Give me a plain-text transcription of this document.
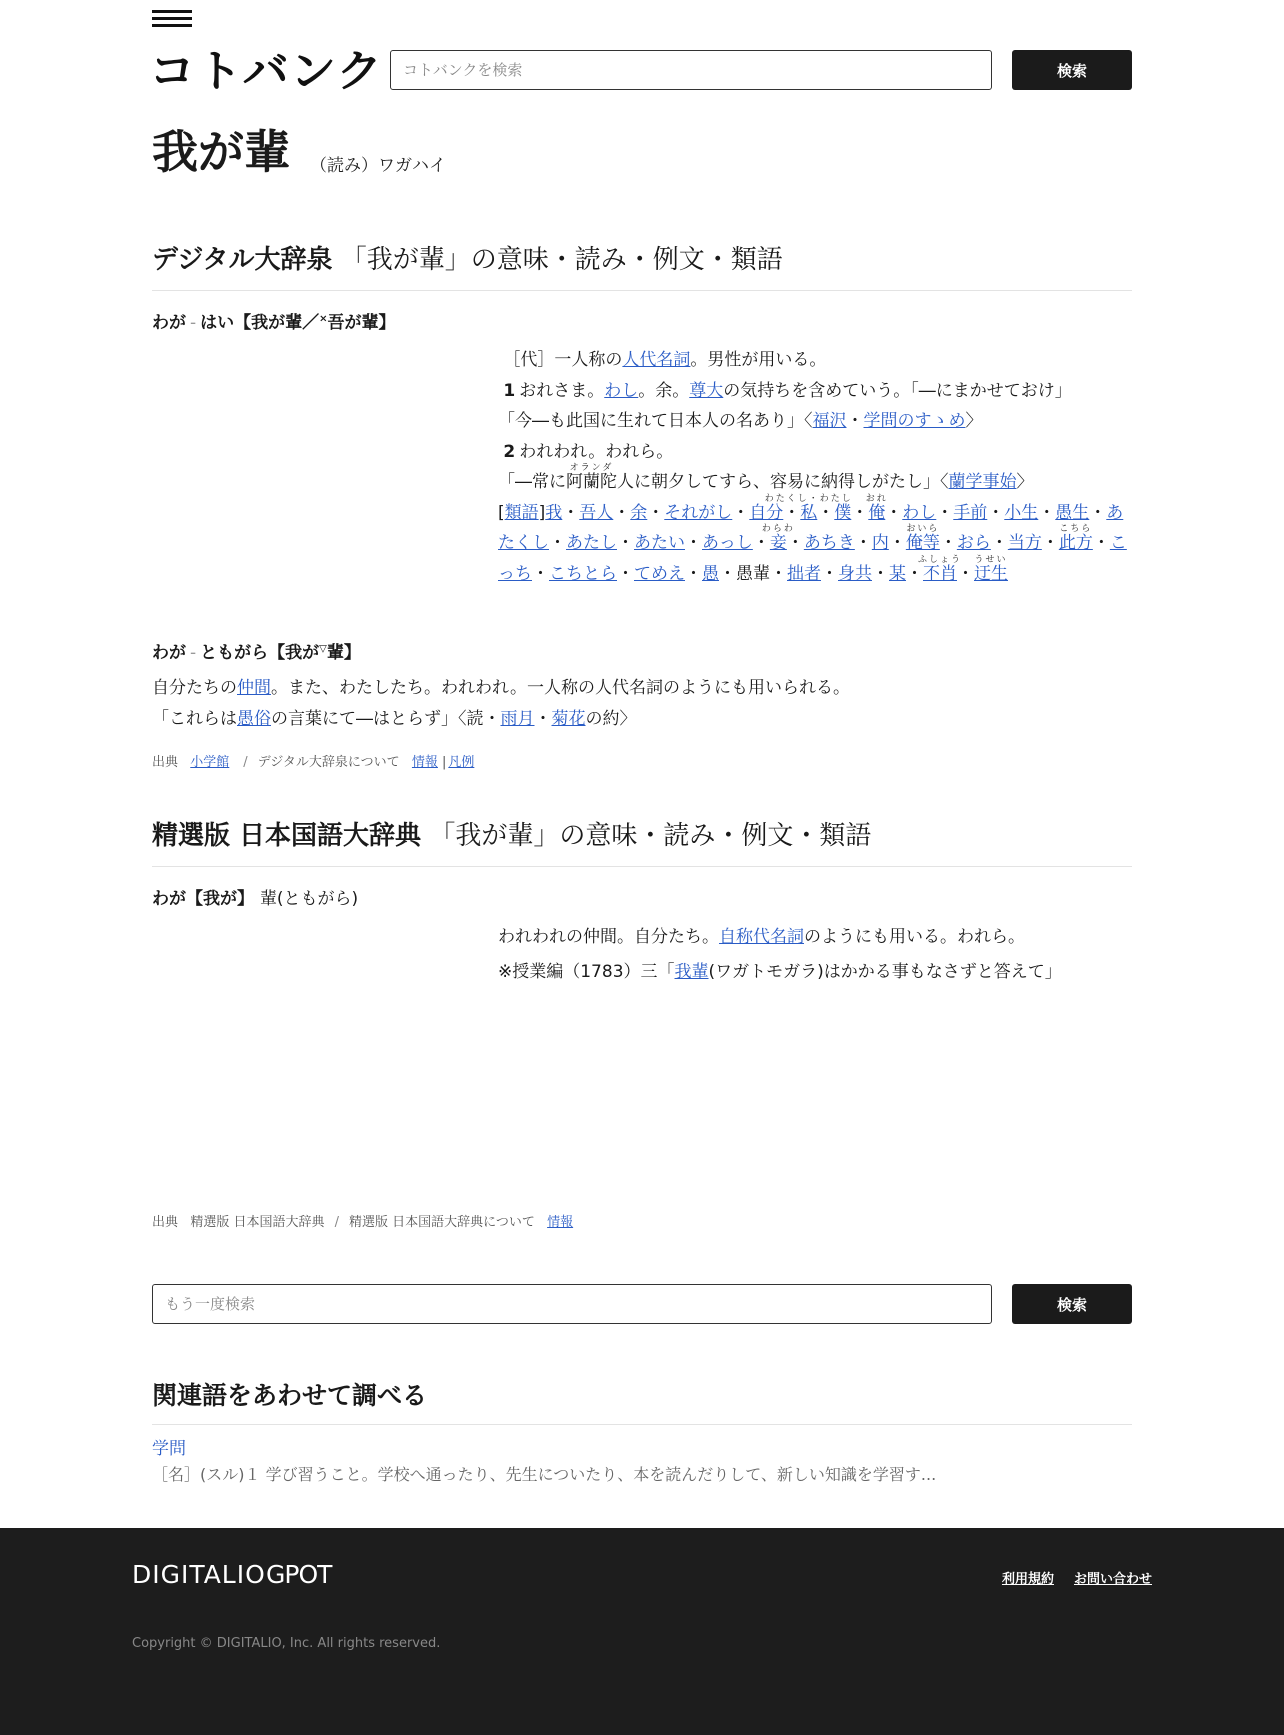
コトバンク
コトバンクを検索	検索
我が輩 （読み）ワガハイ
デジタル大辞泉 「我が輩」の意味・読み・例文・類語
わが - はい【我が輩／×吾が輩】
［代］一人称の人代名詞。男性が用いる。
1 おれさま。わし。余。尊大の気持ちを含めていう。「―にまかせておけ」
「今―も此国に生れて日本人の名あり」〈福沢・学問のすゝめ〉
2 われわれ。われら。
「―常に阿蘭陀
オランダ
人に朝夕してすら、容易に納得しがたし」〈蘭学事始〉
[類語]我・吾人・余・それがし・自分・私
わたくし・わたし
・僕・俺
おれ
・わし・手前・小生・愚生・あたくし・あたし・あたい・あっし・妾
わらわ
・あちき・内・俺等
おいら
・おら・当方・此方
こちら
・こっち・こちとら・てめえ・愚・愚輩・拙者・身共・某・不肖
ふしょう
・迂生
うせい
わが - ともがら【我が▽輩】
自分たちの仲間。また、わたしたち。われわれ。一人称の人代名詞のようにも用いられる。
「これらは愚俗の言葉にて―はとらず」〈読・雨月・菊花の約〉
出典 小学館 / デジタル大辞泉について 情報 | 凡例
精選版 日本国語大辞典 「我が輩」の意味・読み・例文・類語
わが【我が】 輩(ともがら)
われわれの仲間。自分たち。自称代名詞のようにも用いる。われら。
※授業編（1783）三「我輩(ワガトモガラ)はかかる事もなさずと答えて」
出典 精選版 日本国語大辞典 / 精選版 日本国語大辞典について 情報
もう一度検索
検索
関連語をあわせて調べる
学問
［名］(スル)１ 学び習うこと。学校へ通ったり、先生についたり、本を読んだりして、新しい知識を学習す...
DIGITALIO GPOT	利用規約 お問い合わせ
Copyright © DIGITALIO, Inc. All rights reserved.
